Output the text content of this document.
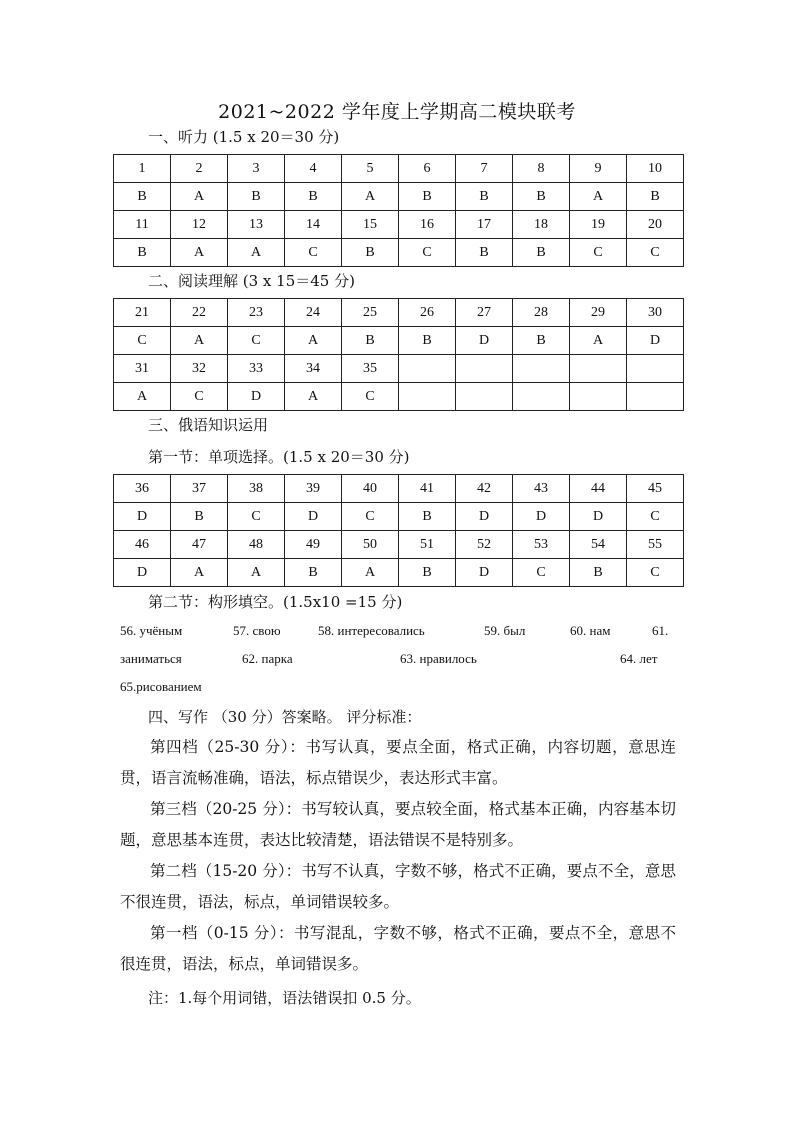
2021~2022 学年度上学期高二模块联考
一、听力 (1.5 x 20＝30 分)
1	2	3	4	5	6	7	8	9	10
B	A	B	B	A	B	B	B	A	B
11	12	13	14	15	16	17	18	19	20
B	A	A	C	B	C	B	B	C	C
二、阅读理解 (3 x 15＝45 分)
21	22	23	24	25	26	27	28	29	30
C	A	C	A	B	B	D	B	A	D
31	32	33	34	35					
A	C	D	A	C					
三、俄语知识运用
第一节：单项选择。(1.5 x 20＝30 分)
36	37	38	39	40	41	42	43	44	45
D	B	C	D	C	B	D	D	D	C
46	47	48	49	50	51	52	53	54	55
D	A	A	B	A	B	D	C	B	C
第二节：构形填空。(1.5x10 =15 分)
56. учёным	57. свою	58. интересовались	59. был	60. нам	61.
заниматься	62. парка	63. нравилось	64. лет
65.рисованием
四、写作 （30 分）答案略。 评分标准：
第四档（25-30 分）：书写认真，要点全面，格式正确，内容切题，意思连贯，语言流畅准确，语法，标点错误少，表达形式丰富。
第三档（20-25 分）：书写较认真，要点较全面，格式基本正确，内容基本切题，意思基本连贯，表达比较清楚，语法错误不是特别多。
第二档（15-20 分）：书写不认真，字数不够，格式不正确，要点不全，意思不很连贯，语法，标点，单词错误较多。
第一档（0-15 分）：书写混乱，字数不够，格式不正确，要点不全，意思不很连贯，语法，标点，单词错误多。
注：1.每个用词错，语法错误扣 0.5 分。
